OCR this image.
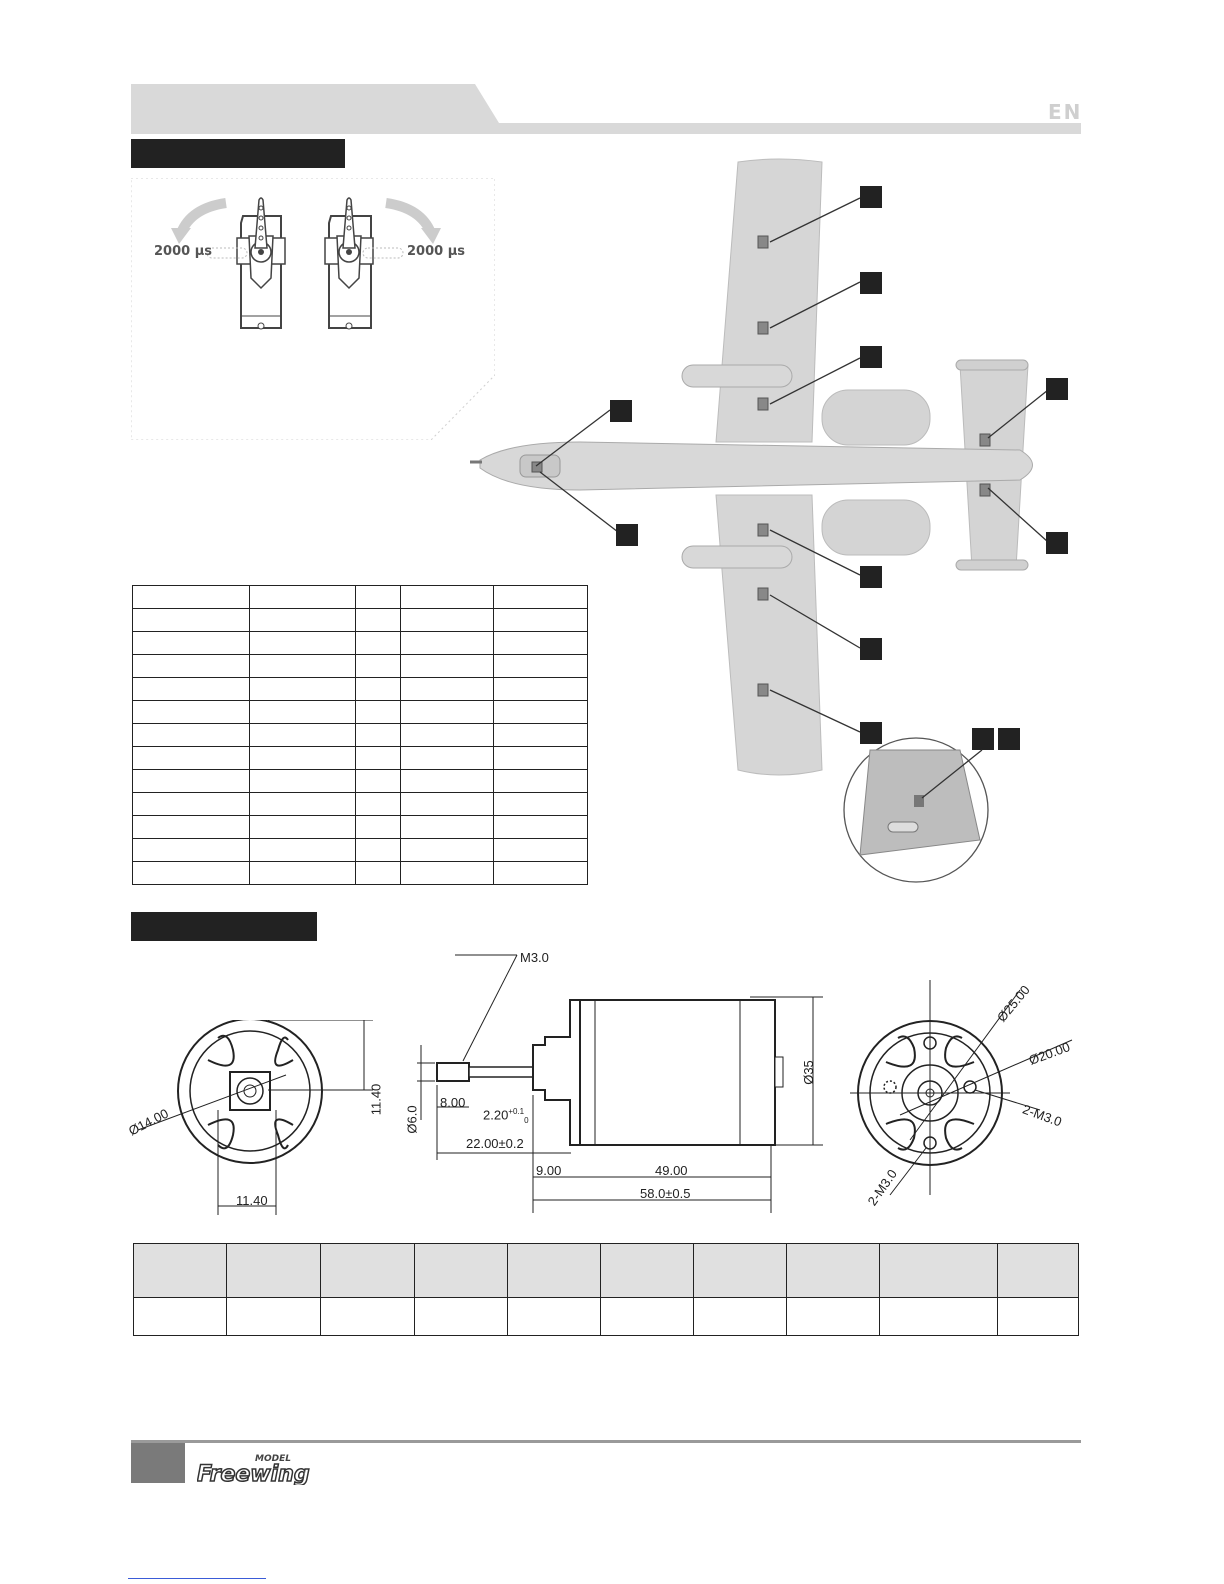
EN
2000 μs	2000 μs

Ø14.00
11.40
11.40
M3.0
Ø6.0
8.00
$2.20^{+0.1}_0$
22.00±0.2
Ø35
9.00	49.00
58.0±0.5
Ø25.00
Ø20.00
2-M3.0
2-M3.0

MODEL
Freewing
